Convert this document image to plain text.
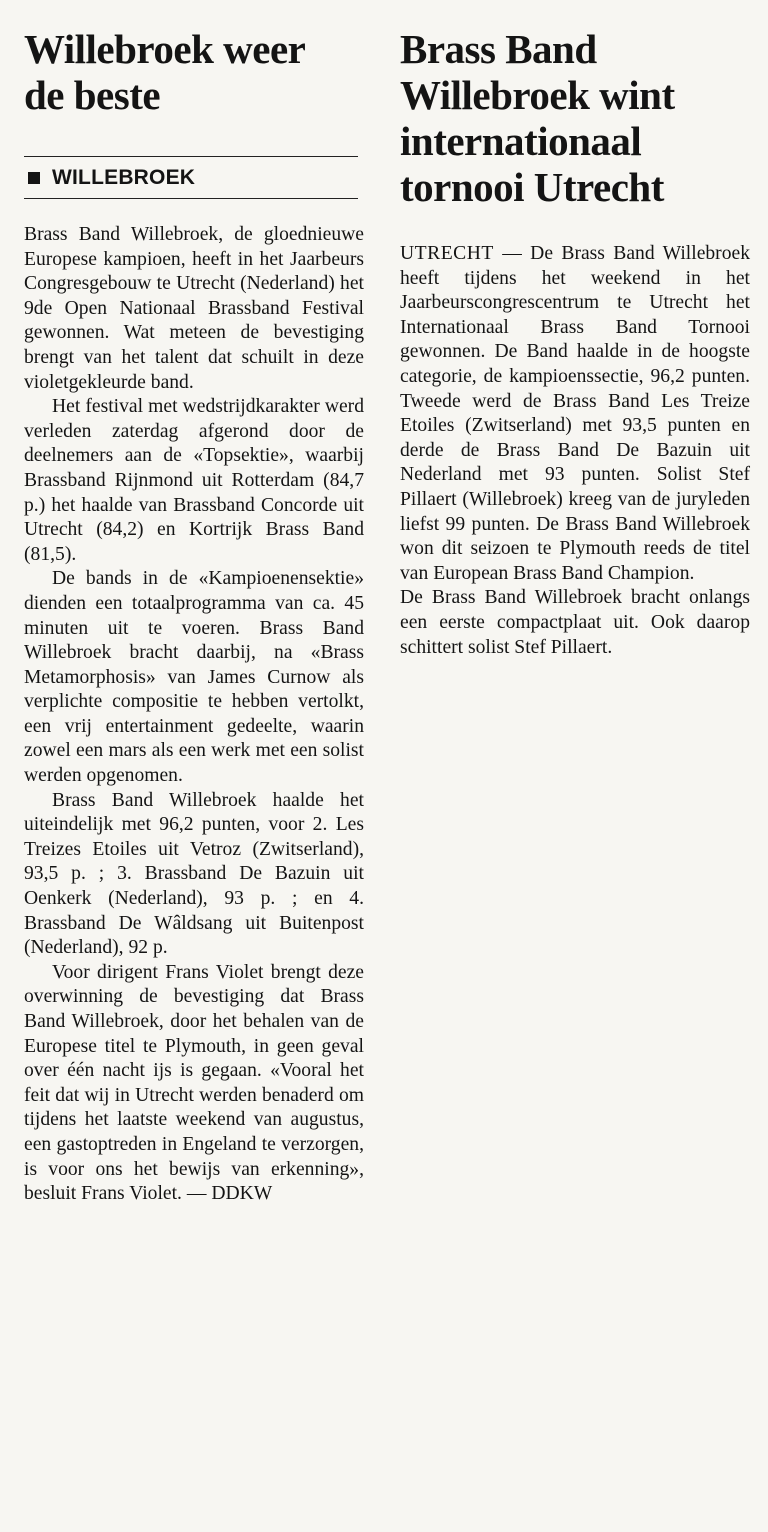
Willebroek weer
de beste
WILLEBROEK

Brass Band Willebroek, de gloednieuwe Europese kampioen, heeft in het Jaarbeurs Congresgebouw te Utrecht (Nederland) het 9de Open Nationaal Brassband Festival gewonnen. Wat meteen de bevestiging brengt van het talent dat schuilt in deze violetgekleurde band.

Het festival met wedstrijdkarakter werd verleden zaterdag afgerond door de deelnemers aan de «Topsektie», waarbij Brassband Rijnmond uit Rotterdam (84,7 p.) het haalde van Brassband Concorde uit Utrecht (84,2) en Kortrijk Brass Band (81,5).

De bands in de «Kampioenensektie» dienden een totaalprogramma van ca. 45 minuten uit te voeren. Brass Band Willebroek bracht daarbij, na «Brass Metamorphosis» van James Curnow als verplichte compositie te hebben vertolkt, een vrij entertainment gedeelte, waarin zowel een mars als een werk met een solist werden opgenomen.

Brass Band Willebroek haalde het uiteindelijk met 96,2 punten, voor 2. Les Treizes Etoiles uit Vetroz (Zwitserland), 93,5 p. ; 3. Brassband De Bazuin uit Oenkerk (Nederland), 93 p. ; en 4. Brassband De Wâldsang uit Buitenpost (Nederland), 92 p.

Voor dirigent Frans Violet brengt deze overwinning de bevestiging dat Brass Band Willebroek, door het behalen van de Europese titel te Plymouth, in geen geval over één nacht ijs is gegaan. «Vooral het feit dat wij in Utrecht werden benaderd om tijdens het laatste weekend van augustus, een gastoptreden in Engeland te verzorgen, is voor ons het bewijs van erkenning», besluit Frans Violet. — DDKW

Brass Band
Willebroek wint
internationaal
tornooi Utrecht

UTRECHT — De Brass Band Willebroek heeft tijdens het weekend in het Jaarbeurscongrescentrum te Utrecht het Internationaal Brass Band Tornooi gewonnen. De Band haalde in de hoogste categorie, de kampioenssectie, 96,2 punten. Tweede werd de Brass Band Les Treize Etoiles (Zwitserland) met 93,5 punten en derde de Brass Band De Bazuin uit Nederland met 93 punten. Solist Stef Pillaert (Willebroek) kreeg van de juryleden liefst 99 punten. De Brass Band Willebroek won dit seizoen te Plymouth reeds de titel van European Brass Band Champion.

De Brass Band Willebroek bracht onlangs een eerste compactplaat uit. Ook daarop schittert solist Stef Pillaert.
